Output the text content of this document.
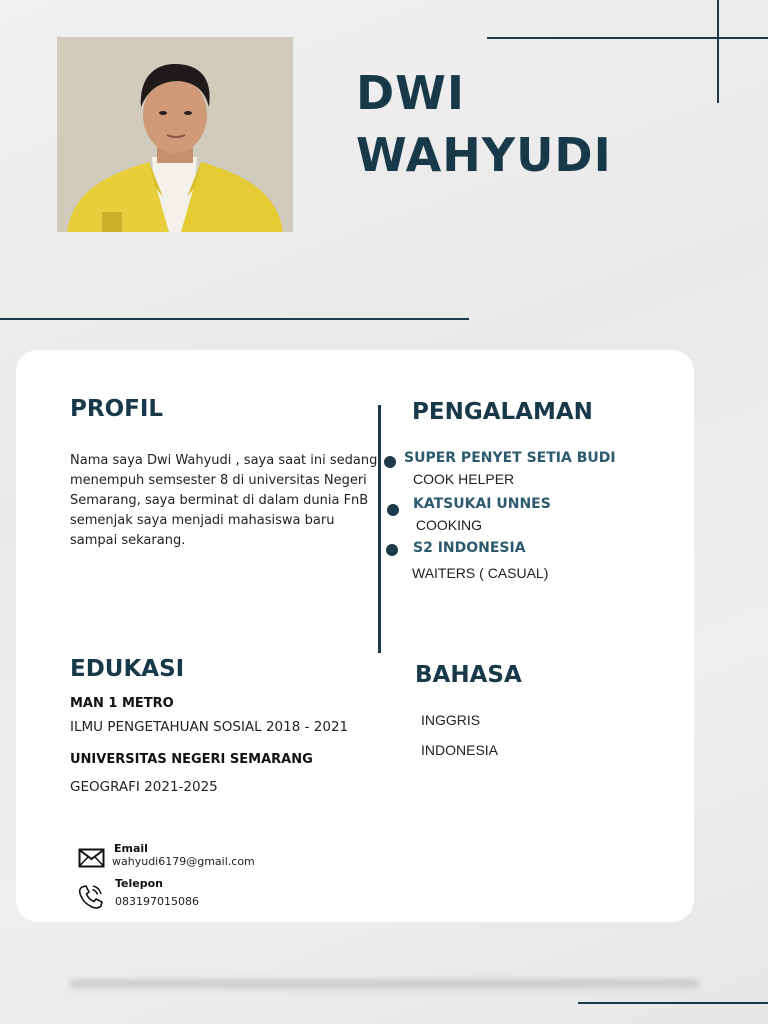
DWI
WAHYUDI
PROFIL

Nama saya Dwi Wahyudi , saya saat ini sedang menempuh semsester 8 di universitas Negeri Semarang, saya berminat di dalam dunia FnB semenjak saya menjadi mahasiswa baru sampai sekarang.

PENGALAMAN

SUPER PENYET SETIA BUDI

COOK HELPER

KATSUKAI UNNES

COOKING

S2 INDONESIA

WAITERS ( CASUAL)

EDUKASI

MAN 1 METRO

ILMU PENGETAHUAN SOSIAL 2018 - 2021

UNIVERSITAS NEGERI SEMARANG

GEOGRAFI 2021-2025

BAHASA

INGGRIS

INDONESIA

Email

wahyudi6179@gmail.com

Telepon

083197015086
